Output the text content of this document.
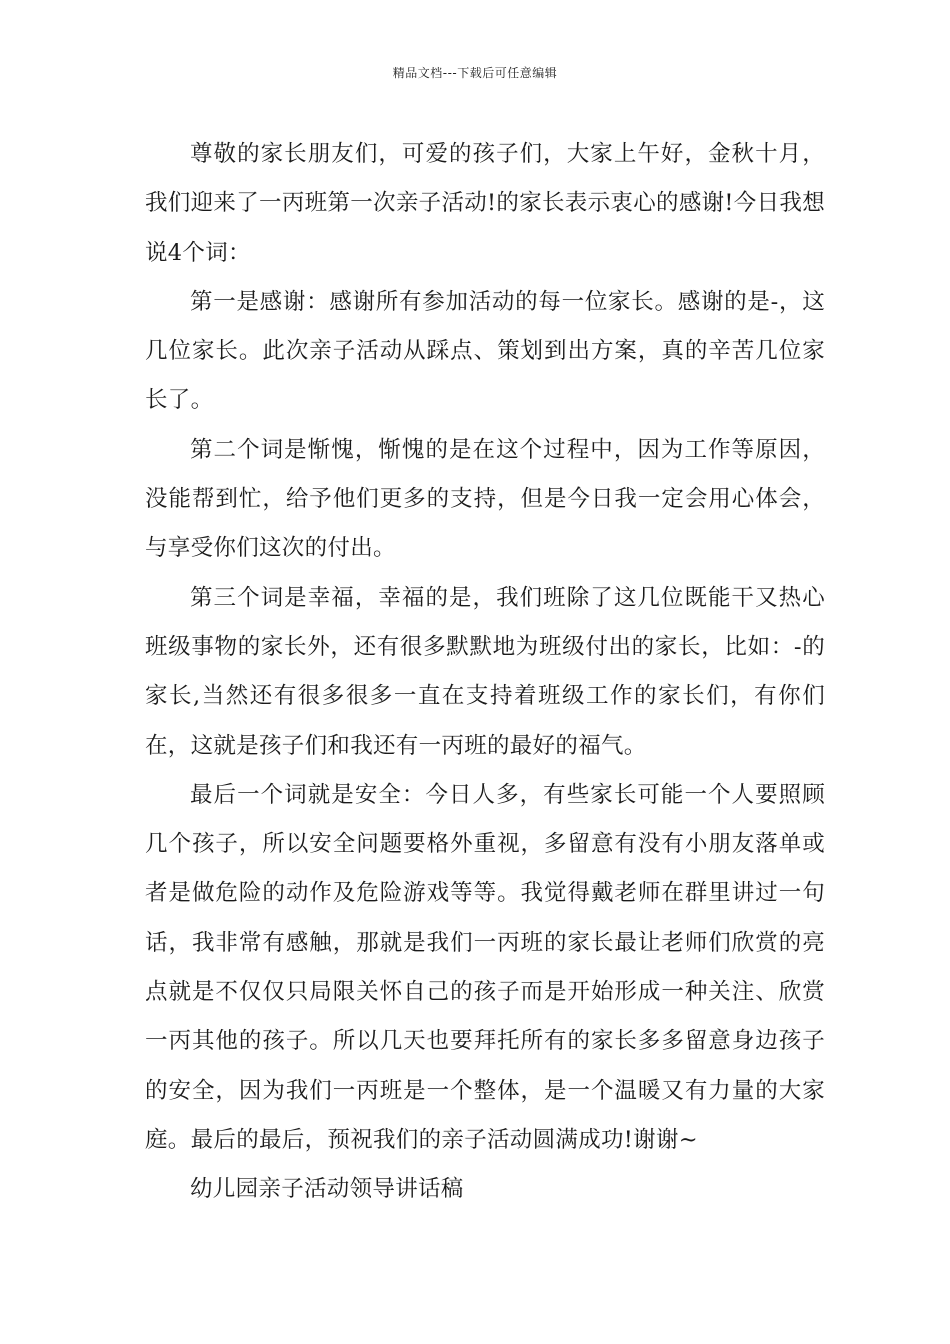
精品文档---下载后可任意编辑

尊敬的家长朋友们，可爱的孩子们，大家上午好，金秋十月，我们迎来了一丙班第一次亲子活动!的家长表示衷心的感谢!今日我想说4个词：

第一是感谢：感谢所有参加活动的每一位家长。感谢的是-，这几位家长。此次亲子活动从踩点、策划到出方案，真的辛苦几位家长了。

第二个词是惭愧，惭愧的是在这个过程中，因为工作等原因，没能帮到忙，给予他们更多的支持，但是今日我一定会用心体会，与享受你们这次的付出。

第三个词是幸福，幸福的是，我们班除了这几位既能干又热心班级事物的家长外，还有很多默默地为班级付出的家长，比如：-的家长,当然还有很多很多一直在支持着班级工作的家长们，有你们在，这就是孩子们和我还有一丙班的最好的福气。

最后一个词就是安全：今日人多，有些家长可能一个人要照顾几个孩子，所以安全问题要格外重视，多留意有没有小朋友落单或者是做危险的动作及危险游戏等等。我觉得戴老师在群里讲过一句话，我非常有感触，那就是我们一丙班的家长最让老师们欣赏的亮点就是不仅仅只局限关怀自己的孩子而是开始形成一种关注、欣赏一丙其他的孩子。所以几天也要拜托所有的家长多多留意身边孩子的安全，因为我们一丙班是一个整体，是一个温暖又有力量的大家庭。最后的最后，预祝我们的亲子活动圆满成功!谢谢~

幼儿园亲子活动领导讲话稿
